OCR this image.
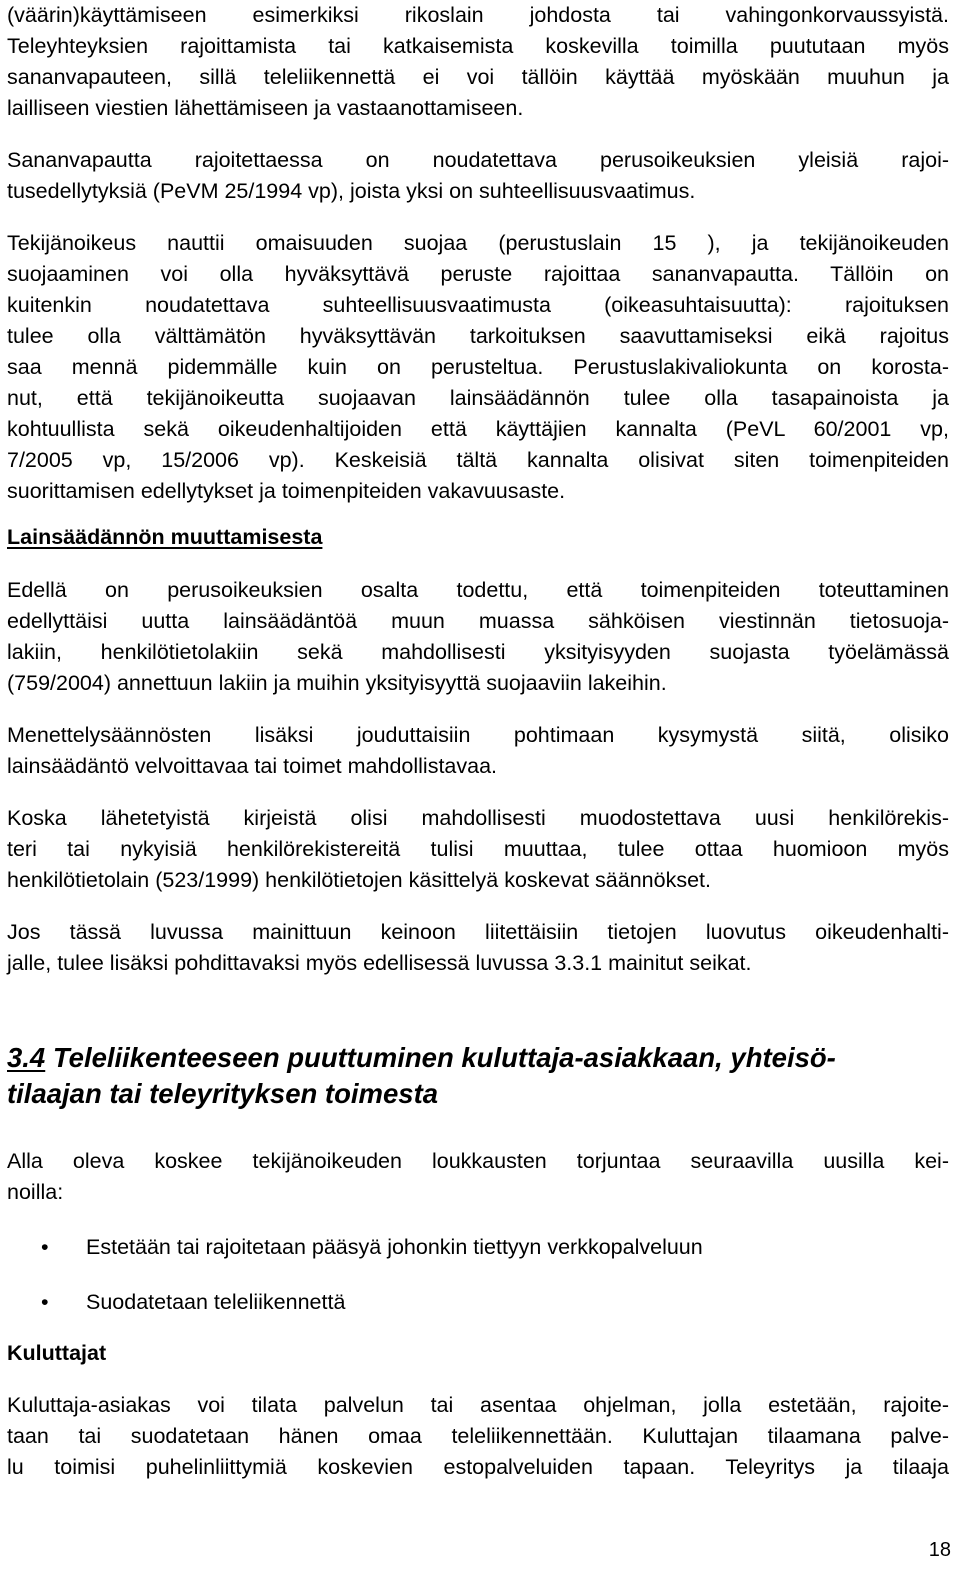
(väärin)käyttämiseen esimerkiksi rikoslain johdosta tai vahingonkorvaussyistä.
Teleyhteyksien rajoittamista tai katkaisemista koskevilla toimilla puututaan myös
sananvapauteen, sillä teleliikennettä ei voi tällöin käyttää myöskään muuhun ja
lailliseen viestien lähettämiseen ja vastaanottamiseen.
Sananvapautta rajoitettaessa on noudatettava perusoikeuksien yleisiä rajoi-
tusedellytyksiä (PeVM 25/1994 vp), joista yksi on suhteellisuusvaatimus.
Tekijänoikeus nauttii omaisuuden suojaa (perustuslain 15 ), ja tekijänoikeuden
suojaaminen voi olla hyväksyttävä peruste rajoittaa sananvapautta. Tällöin on
kuitenkin noudatettava suhteellisuusvaatimusta (oikeasuhtaisuutta): rajoituksen
tulee olla välttämätön hyväksyttävän tarkoituksen saavuttamiseksi eikä rajoitus
saa mennä pidemmälle kuin on perusteltua. Perustuslakivaliokunta on korosta-
nut, että tekijänoikeutta suojaavan lainsäädännön tulee olla tasapainoista ja
kohtuullista sekä oikeudenhaltijoiden että käyttäjien kannalta (PeVL 60/2001 vp,
7/2005 vp, 15/2006 vp). Keskeisiä tältä kannalta olisivat siten toimenpiteiden
suorittamisen edellytykset ja toimenpiteiden vakavuusaste.
Lainsäädännön muuttamisesta
Edellä on perusoikeuksien osalta todettu, että toimenpiteiden toteuttaminen
edellyttäisi uutta lainsäädäntöä muun muassa sähköisen viestinnän tietosuoja-
lakiin, henkilötietolakiin sekä mahdollisesti yksityisyyden suojasta työelämässä
(759/2004) annettuun lakiin ja muihin yksityisyyttä suojaaviin lakeihin.
Menettelysäännösten lisäksi jouduttaisiin pohtimaan kysymystä siitä, olisiko
lainsäädäntö velvoittavaa tai toimet mahdollistavaa.
Koska lähetetyistä kirjeistä olisi mahdollisesti muodostettava uusi henkilörekis-
teri tai nykyisiä henkilörekistereitä tulisi muuttaa, tulee ottaa huomioon myös
henkilötietolain (523/1999) henkilötietojen käsittelyä koskevat säännökset.
Jos tässä luvussa mainittuun keinoon liitettäisiin tietojen luovutus oikeudenhalti-
jalle, tulee lisäksi pohdittavaksi myös edellisessä luvussa 3.3.1 mainitut seikat.
3.4 Teleliikenteeseen puuttuminen kuluttaja-asiakkaan, yhteisö-
tilaajan tai teleyrityksen toimesta
Alla oleva koskee tekijänoikeuden loukkausten torjuntaa seuraavilla uusilla kei-
noilla:
• Estetään tai rajoitetaan pääsyä johonkin tiettyyn verkkopalveluun
• Suodatetaan teleliikennettä
Kuluttajat
Kuluttaja-asiakas voi tilata palvelun tai asentaa ohjelman, jolla estetään, rajoite-
taan tai suodatetaan hänen omaa teleliikennettään. Kuluttajan tilaamana palve-
lu toimisi puhelinliittymiä koskevien estopalveluiden tapaan. Teleyritys ja tilaaja
18
